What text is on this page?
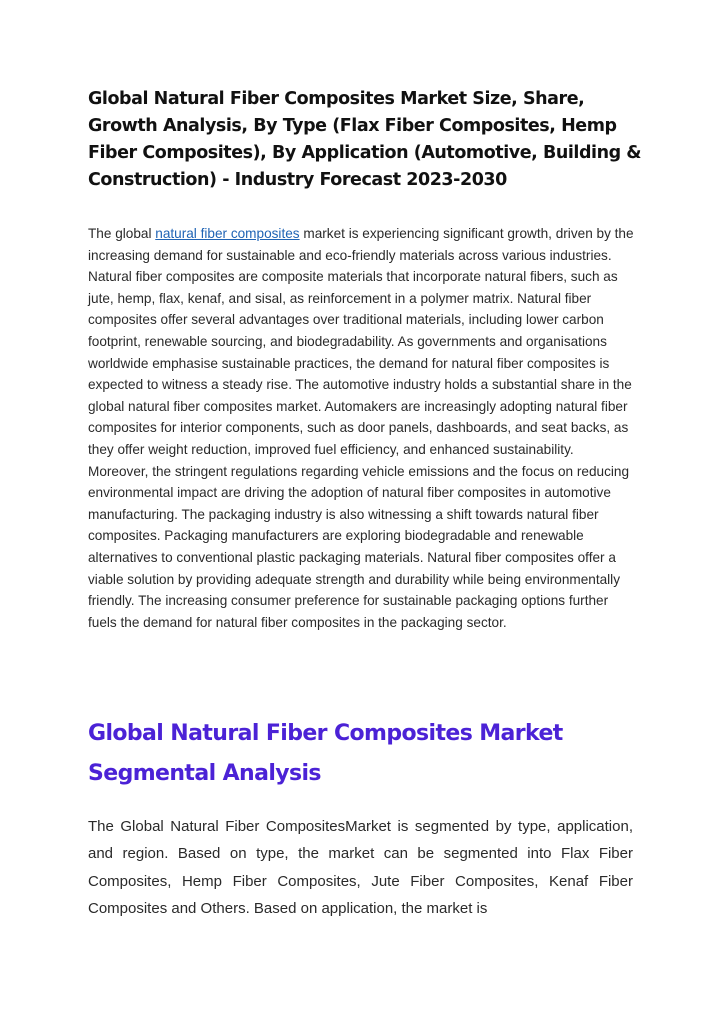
Global Natural Fiber Composites Market Size, Share, Growth Analysis, By Type (Flax Fiber Composites, Hemp Fiber Composites), By Application (Automotive, Building & Construction) - Industry Forecast 2023-2030

The global natural fiber composites market is experiencing significant growth, driven by the increasing demand for sustainable and eco-friendly materials across various industries. Natural fiber composites are composite materials that incorporate natural fibers, such as jute, hemp, flax, kenaf, and sisal, as reinforcement in a polymer matrix. Natural fiber composites offer several advantages over traditional materials, including lower carbon footprint, renewable sourcing, and biodegradability. As governments and organisations worldwide emphasise sustainable practices, the demand for natural fiber composites is expected to witness a steady rise. The automotive industry holds a substantial share in the global natural fiber composites market. Automakers are increasingly adopting natural fiber composites for interior components, such as door panels, dashboards, and seat backs, as they offer weight reduction, improved fuel efficiency, and enhanced sustainability. Moreover, the stringent regulations regarding vehicle emissions and the focus on reducing environmental impact are driving the adoption of natural fiber composites in automotive manufacturing. The packaging industry is also witnessing a shift towards natural fiber composites. Packaging manufacturers are exploring biodegradable and renewable alternatives to conventional plastic packaging materials. Natural fiber composites offer a viable solution by providing adequate strength and durability while being environmentally friendly. The increasing consumer preference for sustainable packaging options further fuels the demand for natural fiber composites in the packaging sector.

Global Natural Fiber Composites Market Segmental Analysis

The Global Natural Fiber CompositesMarket is segmented by type, application, and region. Based on type, the market can be segmented into Flax Fiber Composites, Hemp Fiber Composites, Jute Fiber Composites, Kenaf Fiber Composites and Others. Based on application, the market is
